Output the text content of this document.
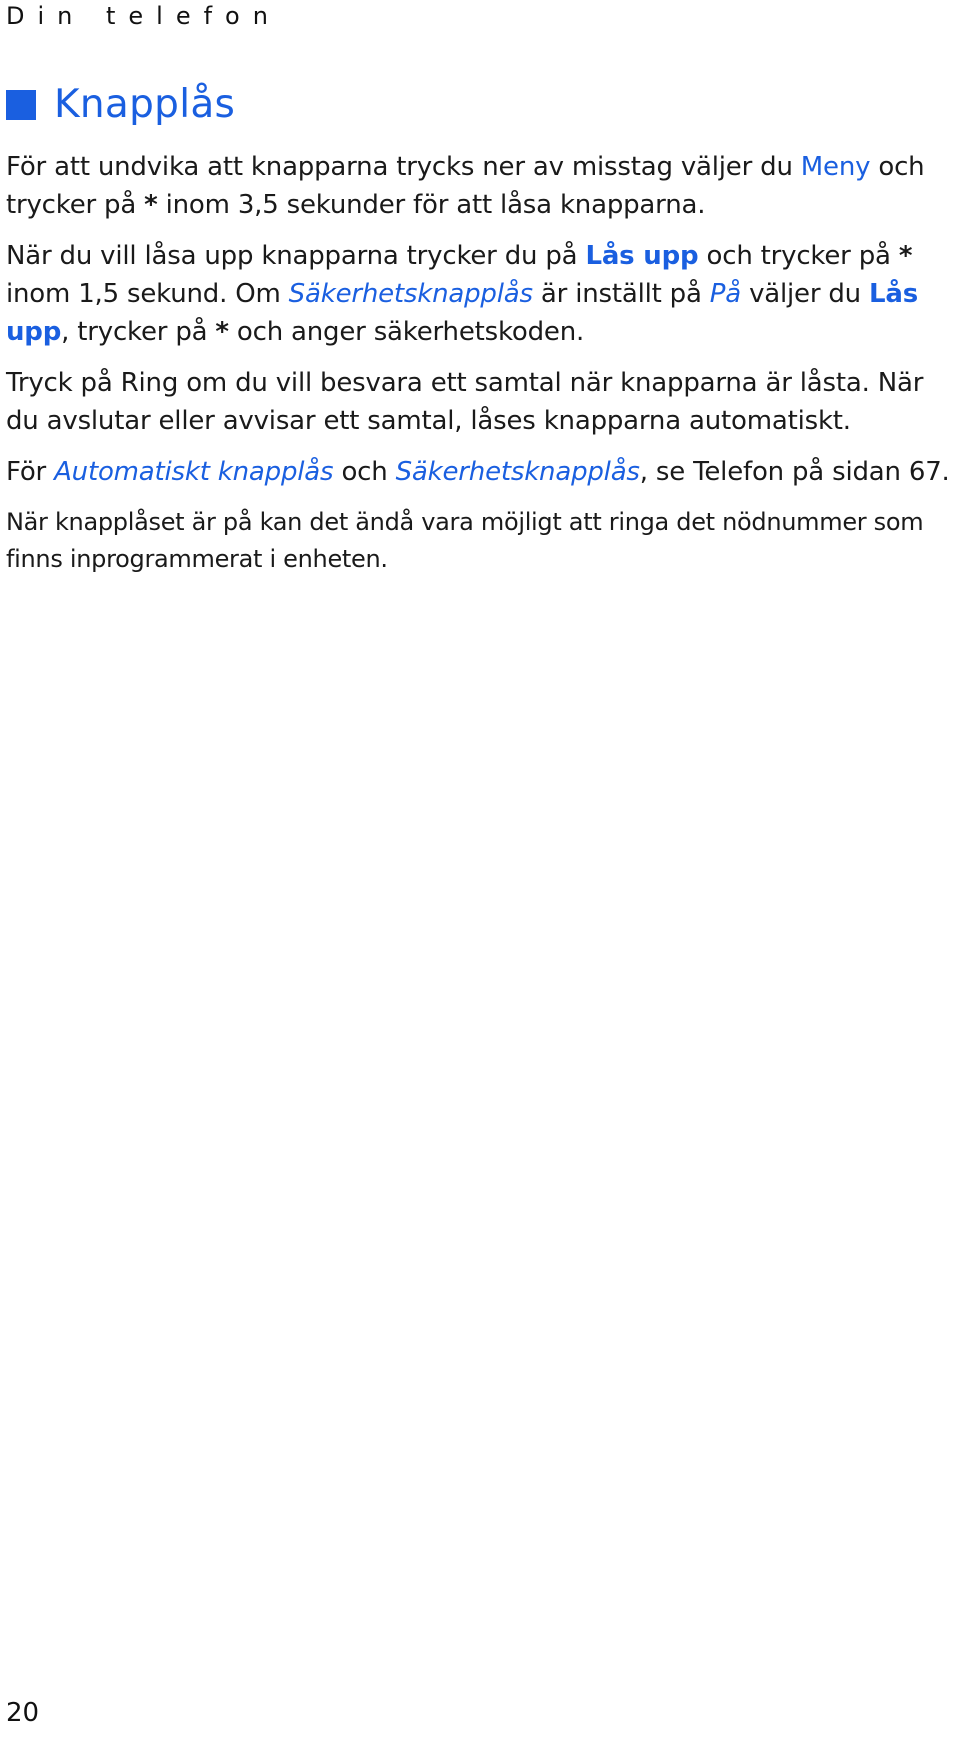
Din telefon
Knapplås

För att undvika att knapparna trycks ner av misstag väljer du Meny och trycker på * inom 3,5 sekunder för att låsa knapparna.

När du vill låsa upp knapparna trycker du på Lås upp och trycker på * inom 1,5 sekund. Om Säkerhetsknapplås är inställt på På väljer du Lås upp, trycker på * och anger säkerhetskoden.

Tryck på Ring om du vill besvara ett samtal när knapparna är låsta. När du avslutar eller avvisar ett samtal, låses knapparna automatiskt.

För Automatiskt knapplås och Säkerhetsknapplås, se Telefon på sidan 67.

När knapplåset är på kan det ändå vara möjligt att ringa det nödnummer som finns inprogrammerat i enheten.

20
